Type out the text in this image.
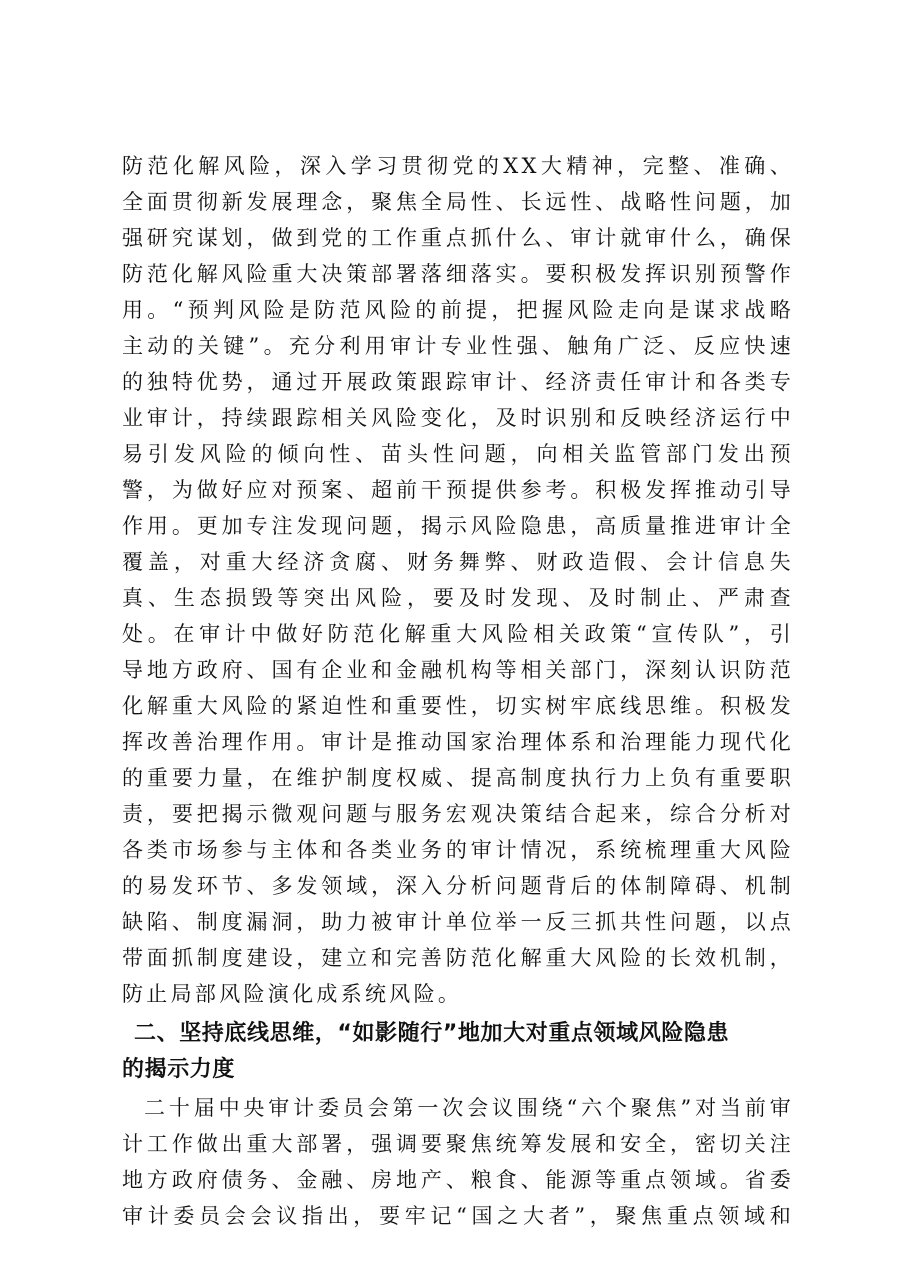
防范化解风险，深入学习贯彻党的XX大精神，完整、准确、
全面贯彻新发展理念，聚焦全局性、长远性、战略性问题，加
强研究谋划，做到党的工作重点抓什么、审计就审什么，确保
防范化解风险重大决策部署落细落实。要积极发挥识别预警作
用。“预判风险是防范风险的前提，把握风险走向是谋求战略
主动的关键”。充分利用审计专业性强、触角广泛、反应快速
的独特优势，通过开展政策跟踪审计、经济责任审计和各类专
业审计，持续跟踪相关风险变化，及时识别和反映经济运行中
易引发风险的倾向性、苗头性问题，向相关监管部门发出预
警，为做好应对预案、超前干预提供参考。积极发挥推动引导
作用。更加专注发现问题，揭示风险隐患，高质量推进审计全
覆盖，对重大经济贪腐、财务舞弊、财政造假、会计信息失
真、生态损毁等突出风险，要及时发现、及时制止、严肃查
处。在审计中做好防范化解重大风险相关政策“宣传队”，引
导地方政府、国有企业和金融机构等相关部门，深刻认识防范
化解重大风险的紧迫性和重要性，切实树牢底线思维。积极发
挥改善治理作用。审计是推动国家治理体系和治理能力现代化
的重要力量，在维护制度权威、提高制度执行力上负有重要职
责，要把揭示微观问题与服务宏观决策结合起来，综合分析对
各类市场参与主体和各类业务的审计情况，系统梳理重大风险
的易发环节、多发领域，深入分析问题背后的体制障碍、机制
缺陷、制度漏洞，助力被审计单位举一反三抓共性问题，以点
带面抓制度建设，建立和完善防范化解重大风险的长效机制，
防止局部风险演化成系统风险。
二、坚持底线思维，“如影随行”地加大对重点领域风险隐患
的揭示力度
二十届中央审计委员会第一次会议围绕“六个聚焦”对当前审
计工作做出重大部署，强调要聚焦统筹发展和安全，密切关注
地方政府债务、金融、房地产、粮食、能源等重点领域。省委
审计委员会会议指出，要牢记“国之大者”，聚焦重点领域和
